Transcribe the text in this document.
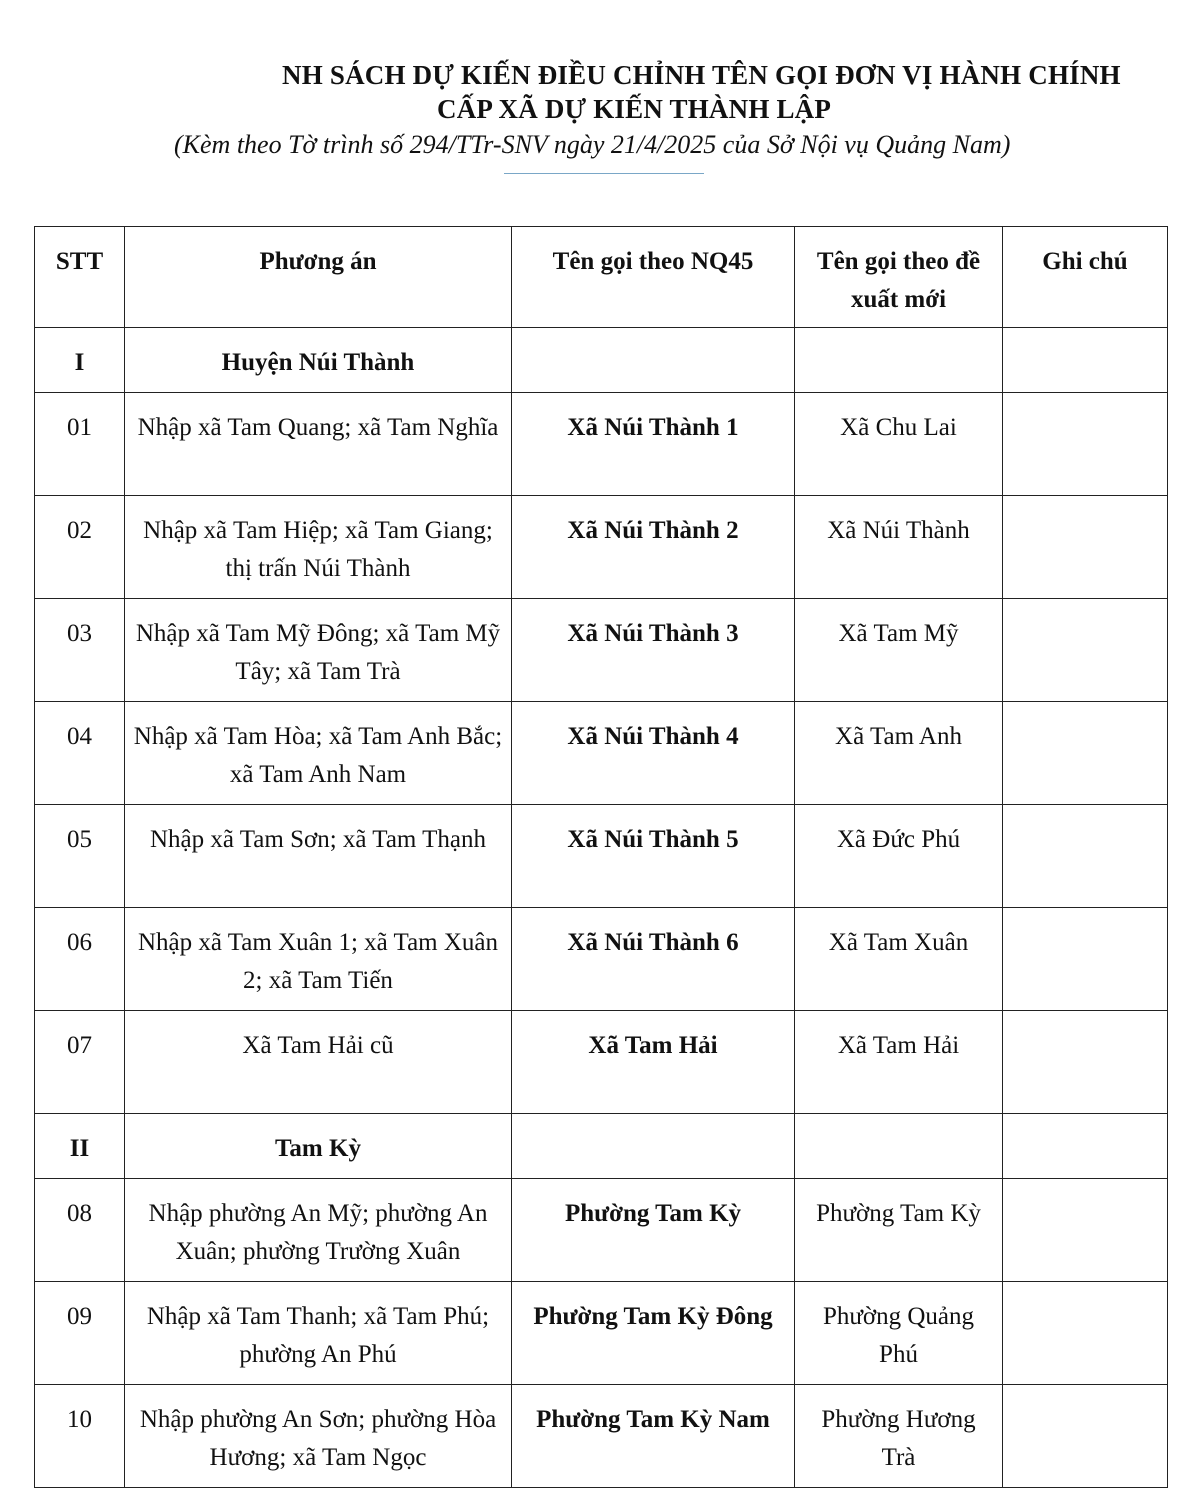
NH SÁCH DỰ KIẾN ĐIỀU CHỈNH TÊN GỌI ĐƠN VỊ HÀNH CHÍNH
CẤP XÃ DỰ KIẾN THÀNH LẬP
(Kèm theo Tờ trình số 294/TTr-SNV ngày 21/4/2025 của Sở Nội vụ Quảng Nam)
STT	Phương án	Tên gọi theo NQ45	Tên gọi theo đề xuất mới	Ghi chú
I	Huyện Núi Thành			
01	Nhập xã Tam Quang; xã Tam Nghĩa	Xã Núi Thành 1	Xã Chu Lai	
02	Nhập xã Tam Hiệp; xã Tam Giang; thị trấn Núi Thành	Xã Núi Thành 2	Xã Núi Thành	
03	Nhập xã Tam Mỹ Đông; xã Tam Mỹ Tây; xã Tam Trà	Xã Núi Thành 3	Xã Tam Mỹ	
04	Nhập xã Tam Hòa; xã Tam Anh Bắc; xã Tam Anh Nam	Xã Núi Thành 4	Xã Tam Anh	
05	Nhập xã Tam Sơn; xã Tam Thạnh	Xã Núi Thành 5	Xã Đức Phú	
06	Nhập xã Tam Xuân 1; xã Tam Xuân 2; xã Tam Tiến	Xã Núi Thành 6	Xã Tam Xuân	
07	Xã Tam Hải cũ	Xã Tam Hải	Xã Tam Hải	
II	Tam Kỳ			
08	Nhập phường An Mỹ; phường An Xuân; phường Trường Xuân	Phường Tam Kỳ	Phường Tam Kỳ	
09	Nhập xã Tam Thanh; xã Tam Phú; phường An Phú	Phường Tam Kỳ Đông	Phường Quảng Phú	
10	Nhập phường An Sơn; phường Hòa Hương; xã Tam Ngọc	Phường Tam Kỳ Nam	Phường Hương Trà	
